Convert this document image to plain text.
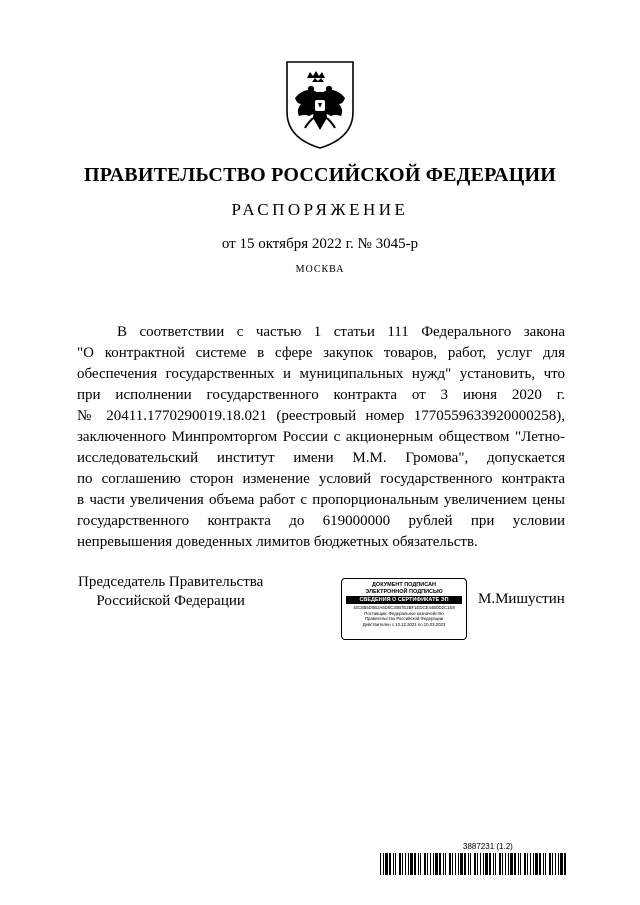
ПРАВИТЕЛЬСТВО РОССИЙСКОЙ ФЕДЕРАЦИИ
РАСПОРЯЖЕНИЕ
от 15 октября 2022 г. № 3045-р
МОСКВА
В соответствии с частью 1 статьи 111 Федерального закона
"О контрактной системе в сфере закупок товаров, работ, услуг для
обеспечения государственных и муниципальных нужд" установить, что
при исполнении государственного контракта от 3 июня 2020 г.
№ 20411.1770290019.18.021 (реестровый номер 1770559633920000258),
заключенного Минпромторгом России с акционерным обществом "Летно-
исследовательский институт имени М.М. Громова", допускается
по соглашению сторон изменение условий государственного контракта
в части увеличения объема работ с пропорциональным увеличением цены
государственного контракта до 619000000 рублей при условии
непревышения доведенных лимитов бюджетных обязательств.
Председатель Правительства
Российской Федерации
ДОКУМЕНТ ПОДПИСАН
ЭЛЕКТРОННОЙ ПОДПИСЬЮ
СВЕДЕНИЯ О СЕРТИФИКАТЕ ЭП
40C8B5D0B2A6D8C30B7E2BF1EDCE44B0D2C1E8
Поставщик: Федеральное казначейство
Правительство Российской Федерации
Действителен с 10.12.2021 по 10.03.2023
М.Мишустин
3887231 (1.2)
